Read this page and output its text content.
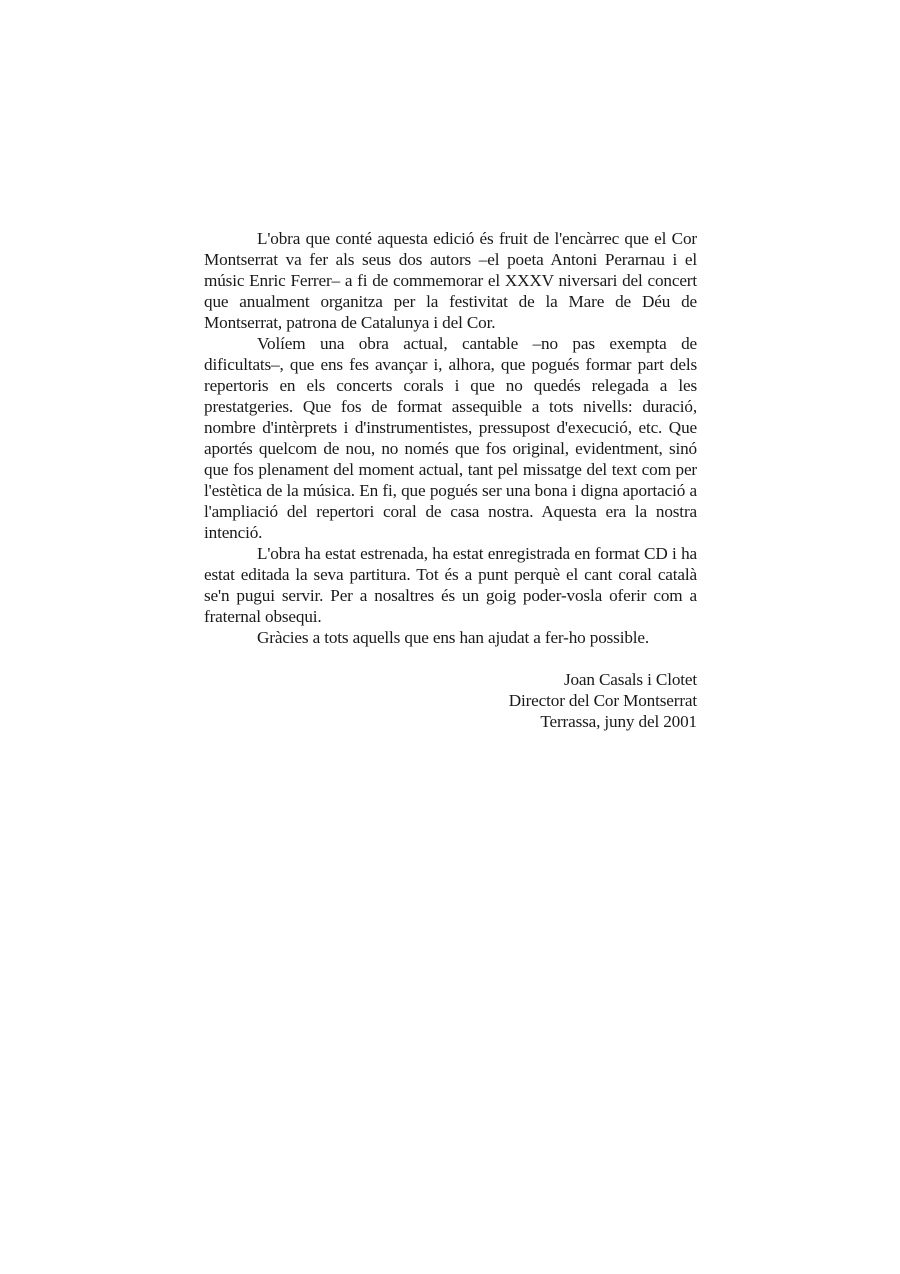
L'obra que conté aquesta edició és fruit de l'encàrrec que el Cor Montserrat va fer als seus dos autors –el poeta Antoni Perarnau i el músic Enric Ferrer– a fi de commemorar el XXXV niversari del concert que anualment organitza per la festivitat de la Mare de Déu de Montserrat, patrona de Catalunya i del Cor.

Volíem una obra actual, cantable –no pas exempta de dificultats–, que ens fes avançar i, alhora, que pogués formar part dels repertoris en els concerts corals i que no quedés relegada a les prestatgeries. Que fos de format assequible a tots nivells: duració, nombre d'intèrprets i d'instrumentistes, pressupost d'execució, etc. Que aportés quelcom de nou, no només que fos original, evidentment, sinó que fos plenament del moment actual, tant pel missatge del text com per l'estètica de la música. En fi, que pogués ser una bona i digna aportació a l'ampliació del repertori coral de casa nostra. Aquesta era la nostra intenció.

L'obra ha estat estrenada, ha estat enregistrada en format CD i ha estat editada la seva partitura. Tot és a punt perquè el cant coral català se'n pugui servir. Per a nosaltres és un goig poder-vosla oferir com a fraternal obsequi.

Gràcies a tots aquells que ens han ajudat a fer-ho possible.

Joan Casals i Clotet
Director del Cor Montserrat
Terrassa, juny del 2001
